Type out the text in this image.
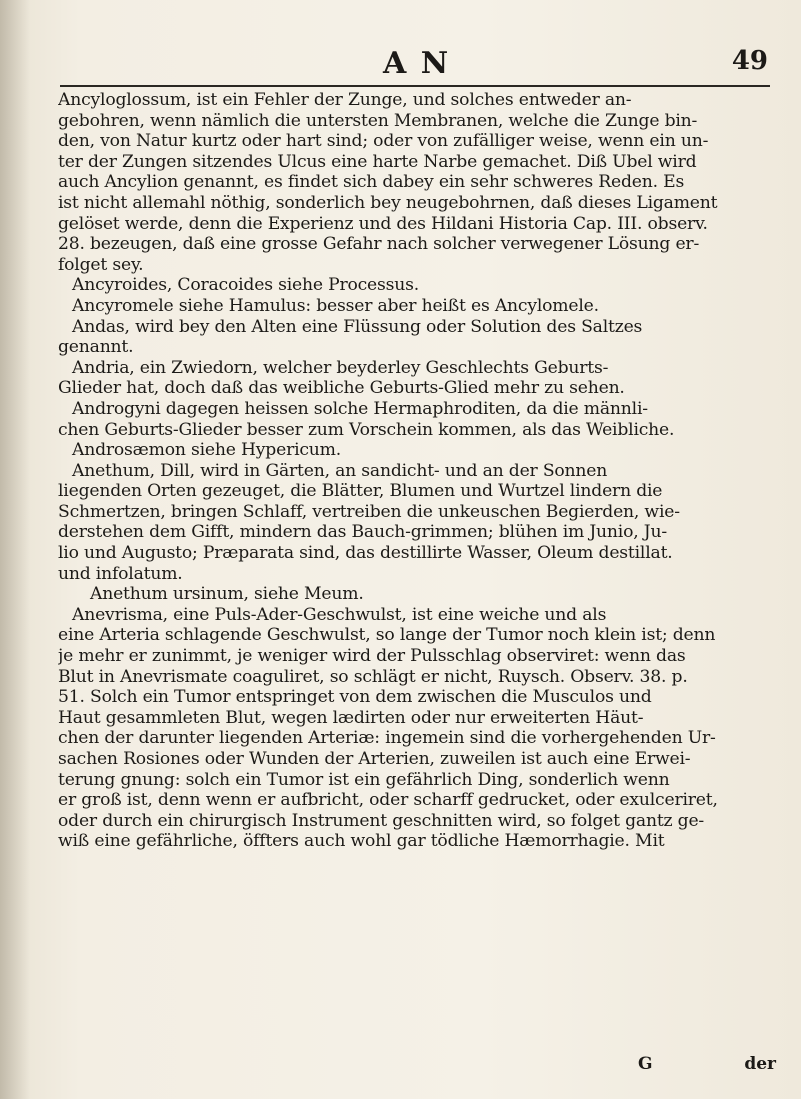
A N	49
Ancyloglossum, ist ein Fehler der Zunge, und solches entweder an-
gebohren, wenn nämlich die untersten Membranen, welche die Zunge bin-
den, von Natur kurtz oder hart sind; oder von zufälliger weise, wenn ein un-
ter der Zungen sitzendes Ulcus eine harte Narbe gemachet. Diß Ubel wird
auch Ancylion genannt, es findet sich dabey ein sehr schweres Reden. Es
ist nicht allemahl nöthig, sonderlich bey neugebohrnen, daß dieses Ligament
gelöset werde, denn die Experienz und des Hildani Historia Cap. III. observ.
28. bezeugen, daß eine grosse Gefahr nach solcher verwegener Lösung er-
folget sey.
Ancyroides, Coracoides siehe Processus.
Ancyromele siehe Hamulus: besser aber heißt es Ancylomele.
Andas, wird bey den Alten eine Flüssung oder Solution des Saltzes
genannt.
Andria, ein Zwiedorn, welcher beyderley Geschlechts Geburts-
Glieder hat, doch daß das weibliche Geburts-Glied mehr zu sehen.
Androgyni dagegen heissen solche Hermaphroditen, da die männli-
chen Geburts-Glieder besser zum Vorschein kommen, als das Weibliche.
Androsæmon siehe Hypericum.
Anethum, Dill, wird in Gärten, an sandicht- und an der Sonnen
liegenden Orten gezeuget, die Blätter, Blumen und Wurtzel lindern die
Schmertzen, bringen Schlaff, vertreiben die unkeuschen Begierden, wie-
derstehen dem Gifft, mindern das Bauch-grimmen; blühen im Junio, Ju-
lio und Augusto; Præparata sind, das destillirte Wasser, Oleum destillat.
und infolatum.
Anethum ursinum, siehe Meum.
Anevrisma, eine Puls-Ader-Geschwulst, ist eine weiche und als
eine Arteria schlagende Geschwulst, so lange der Tumor noch klein ist; denn
je mehr er zunimmt, je weniger wird der Pulsschlag observiret: wenn das
Blut in Anevrismate coaguliret, so schlägt er nicht, Ruysch. Observ. 38. p.
51. Solch ein Tumor entspringet von dem zwischen die Musculos und
Haut gesammleten Blut, wegen lædirten oder nur erweiterten Häut-
chen der darunter liegenden Arteriæ: ingemein sind die vorhergehenden Ur-
sachen Rosiones oder Wunden der Arterien, zuweilen ist auch eine Erwei-
terung gnung: solch ein Tumor ist ein gefährlich Ding, sonderlich wenn
er groß ist, denn wenn er aufbricht, oder scharff gedrucket, oder exulceriret,
oder durch ein chirurgisch Instrument geschnitten wird, so folget gantz ge-
wiß eine gefährliche, öffters auch wohl gar tödliche Hæmorrhagie. Mit
G	der
